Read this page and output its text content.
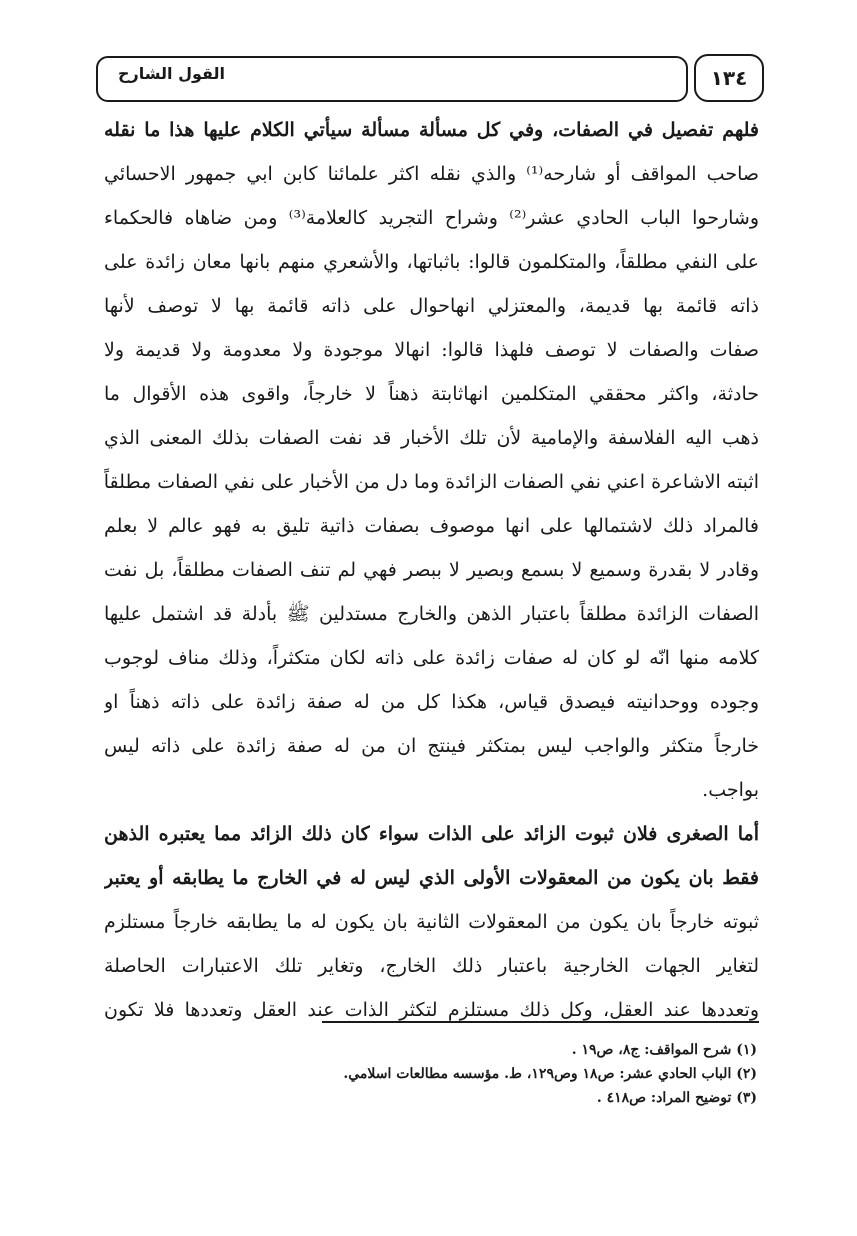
القول الشارح	١٣٤
فلهم تفصيل في الصفات، وفي كل مسألة مسألة سيأتي الكلام عليها هذا ما نقله
صاحب المواقف أو شارحه⁽¹⁾ والذي نقله اكثر علمائنا كابن ابي جمهور الاحسائي
وشارحوا الباب الحادي عشر⁽²⁾ وشراح التجريد كالعلامة⁽³⁾ ومن ضاهاه فالحكماء
على النفي مطلقاً، والمتكلمون قالوا: باثباتها، والأشعري منهم بانها معان زائدة على
ذاته قائمة بها قديمة، والمعتزلي انهاحوال على ذاته قائمة بها لا توصف لأنها
صفات والصفات لا توصف فلهذا قالوا: انهالا موجودة ولا معدومة ولا قديمة ولا
حادثة، واكثر محققي المتكلمين انهاثابتة ذهناً لا خارجاً، واقوى هذه الأقوال ما
ذهب اليه الفلاسفة والإمامية لأن تلك الأخبار قد نفت الصفات بذلك المعنى الذي
اثبته الاشاعرة اعني نفي الصفات الزائدة وما دل من الأخبار على نفي الصفات مطلقاً
فالمراد ذلك لاشتمالها على انها موصوف بصفات ذاتية تليق به فهو عالم لا بعلم
وقادر لا بقدرة وسميع لا بسمع وبصير لا ببصر فهي لم تنف الصفات مطلقاً، بل نفت
الصفات الزائدة مطلقاً باعتبار الذهن والخارج مستدلين ﷺ بأدلة قد اشتمل عليها
كلامه منها انّه لو كان له صفات زائدة على ذاته لكان متكثراً، وذلك مناف لوجوب
وجوده ووحدانيته فيصدق قياس، هكذا كل من له صفة زائدة على ذاته ذهناً او
خارجاً متكثر والواجب ليس بمتكثر فينتج ان من له صفة زائدة على ذاته ليس
بواجب.
أما الصغرى فلان ثبوت الزائد على الذات سواء كان ذلك الزائد مما يعتبره الذهن
فقط بان يكون من المعقولات الأولى الذي ليس له في الخارج ما يطابقه أو يعتبر
ثبوته خارجاً بان يكون من المعقولات الثانية بان يكون له ما يطابقه خارجاً مستلزم
لتغاير الجهات الخارجية باعتبار ذلك الخارج، وتغاير تلك الاعتبارات الحاصلة
وتعددها عند العقل، وكل ذلك مستلزم لتكثر الذات عند العقل وتعددها فلا تكون
(١) شرح المواقف: ج٨، ص١٩ .
(٢) الباب الحادي عشر: ص١٨ وص١٢٩، ط. مؤسسه مطالعات اسلامي.
(٣) توضيح المراد: ص٤١٨ .
